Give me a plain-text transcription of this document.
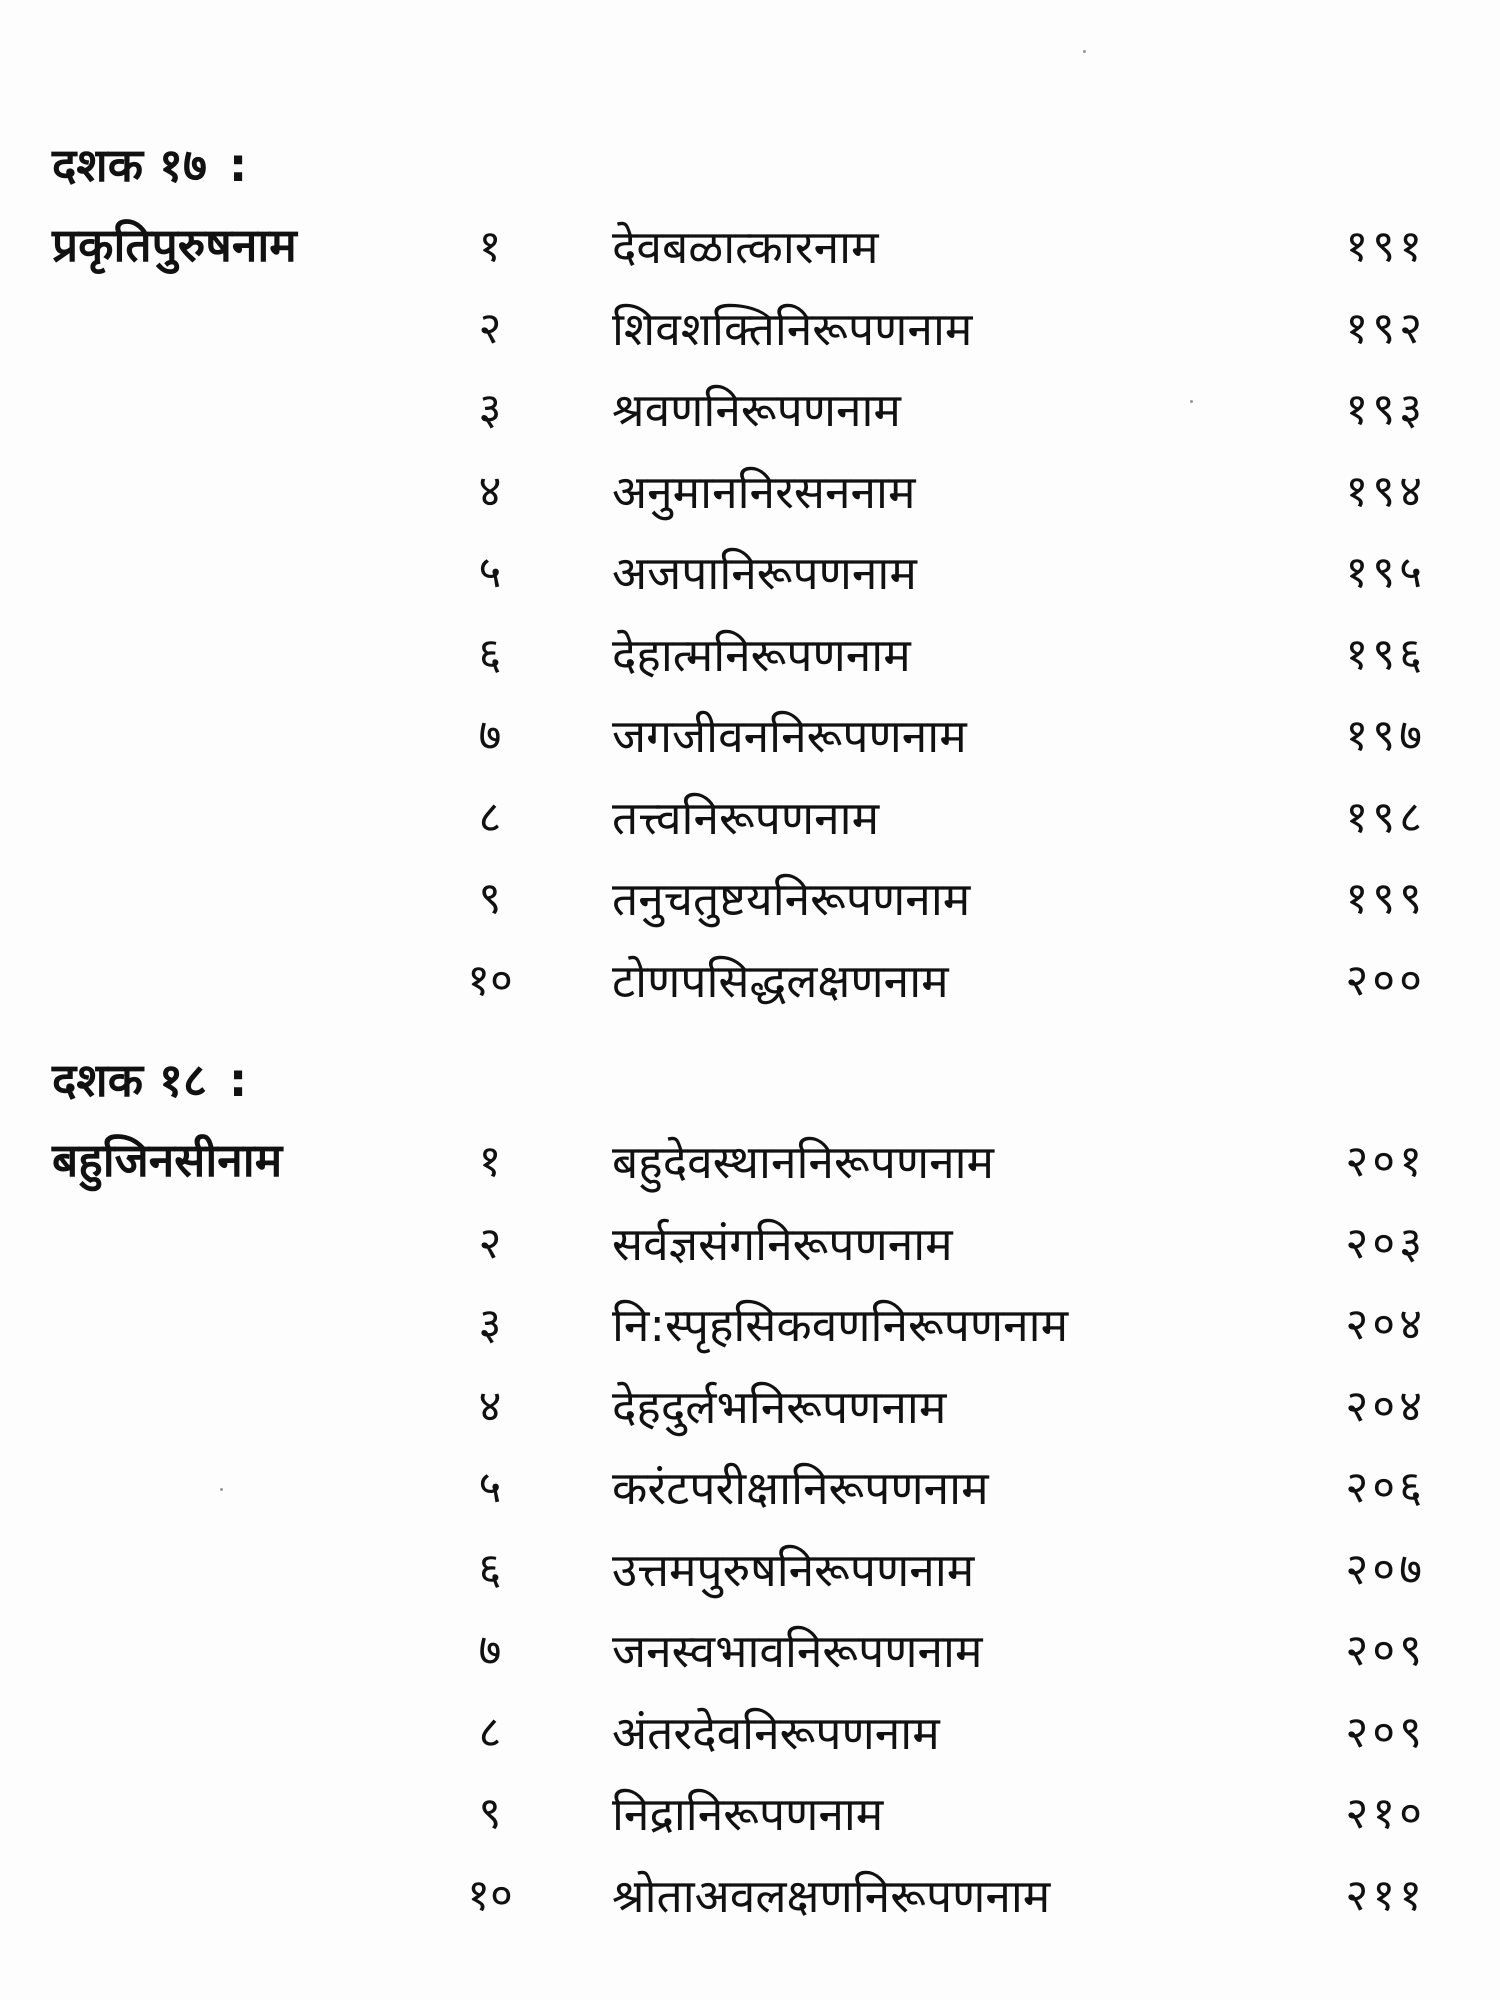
दशक १७ :
प्रकृतिपुरुषनाम	१	देवबळात्कारनाम	१९१
२	शिवशक्तिनिरूपणनाम	१९२
३	श्रवणनिरूपणनाम	१९३
४	अनुमाननिरसननाम	१९४
५	अजपानिरूपणनाम	१९५
६	देहात्मनिरूपणनाम	१९६
७	जगजीवननिरूपणनाम	१९७
८	तत्त्वनिरूपणनाम	१९८
९	तनुचतुष्टयनिरूपणनाम	१९९
१०	टोणपसिद्धलक्षणनाम	२००
दशक १८ :
बहुजिनसीनाम	१	बहुदेवस्थाननिरूपणनाम	२०१
२	सर्वज्ञसंगनिरूपणनाम	२०३
३	नि:स्पृहसिकवणनिरूपणनाम	२०४
४	देहदुर्लभनिरूपणनाम	२०४
५	करंटपरीक्षानिरूपणनाम	२०६
६	उत्तमपुरुषनिरूपणनाम	२०७
७	जनस्वभावनिरूपणनाम	२०९
८	अंतरदेवनिरूपणनाम	२०९
९	निद्रानिरूपणनाम	२१०
१०	श्रोताअवलक्षणनिरूपणनाम	२११
